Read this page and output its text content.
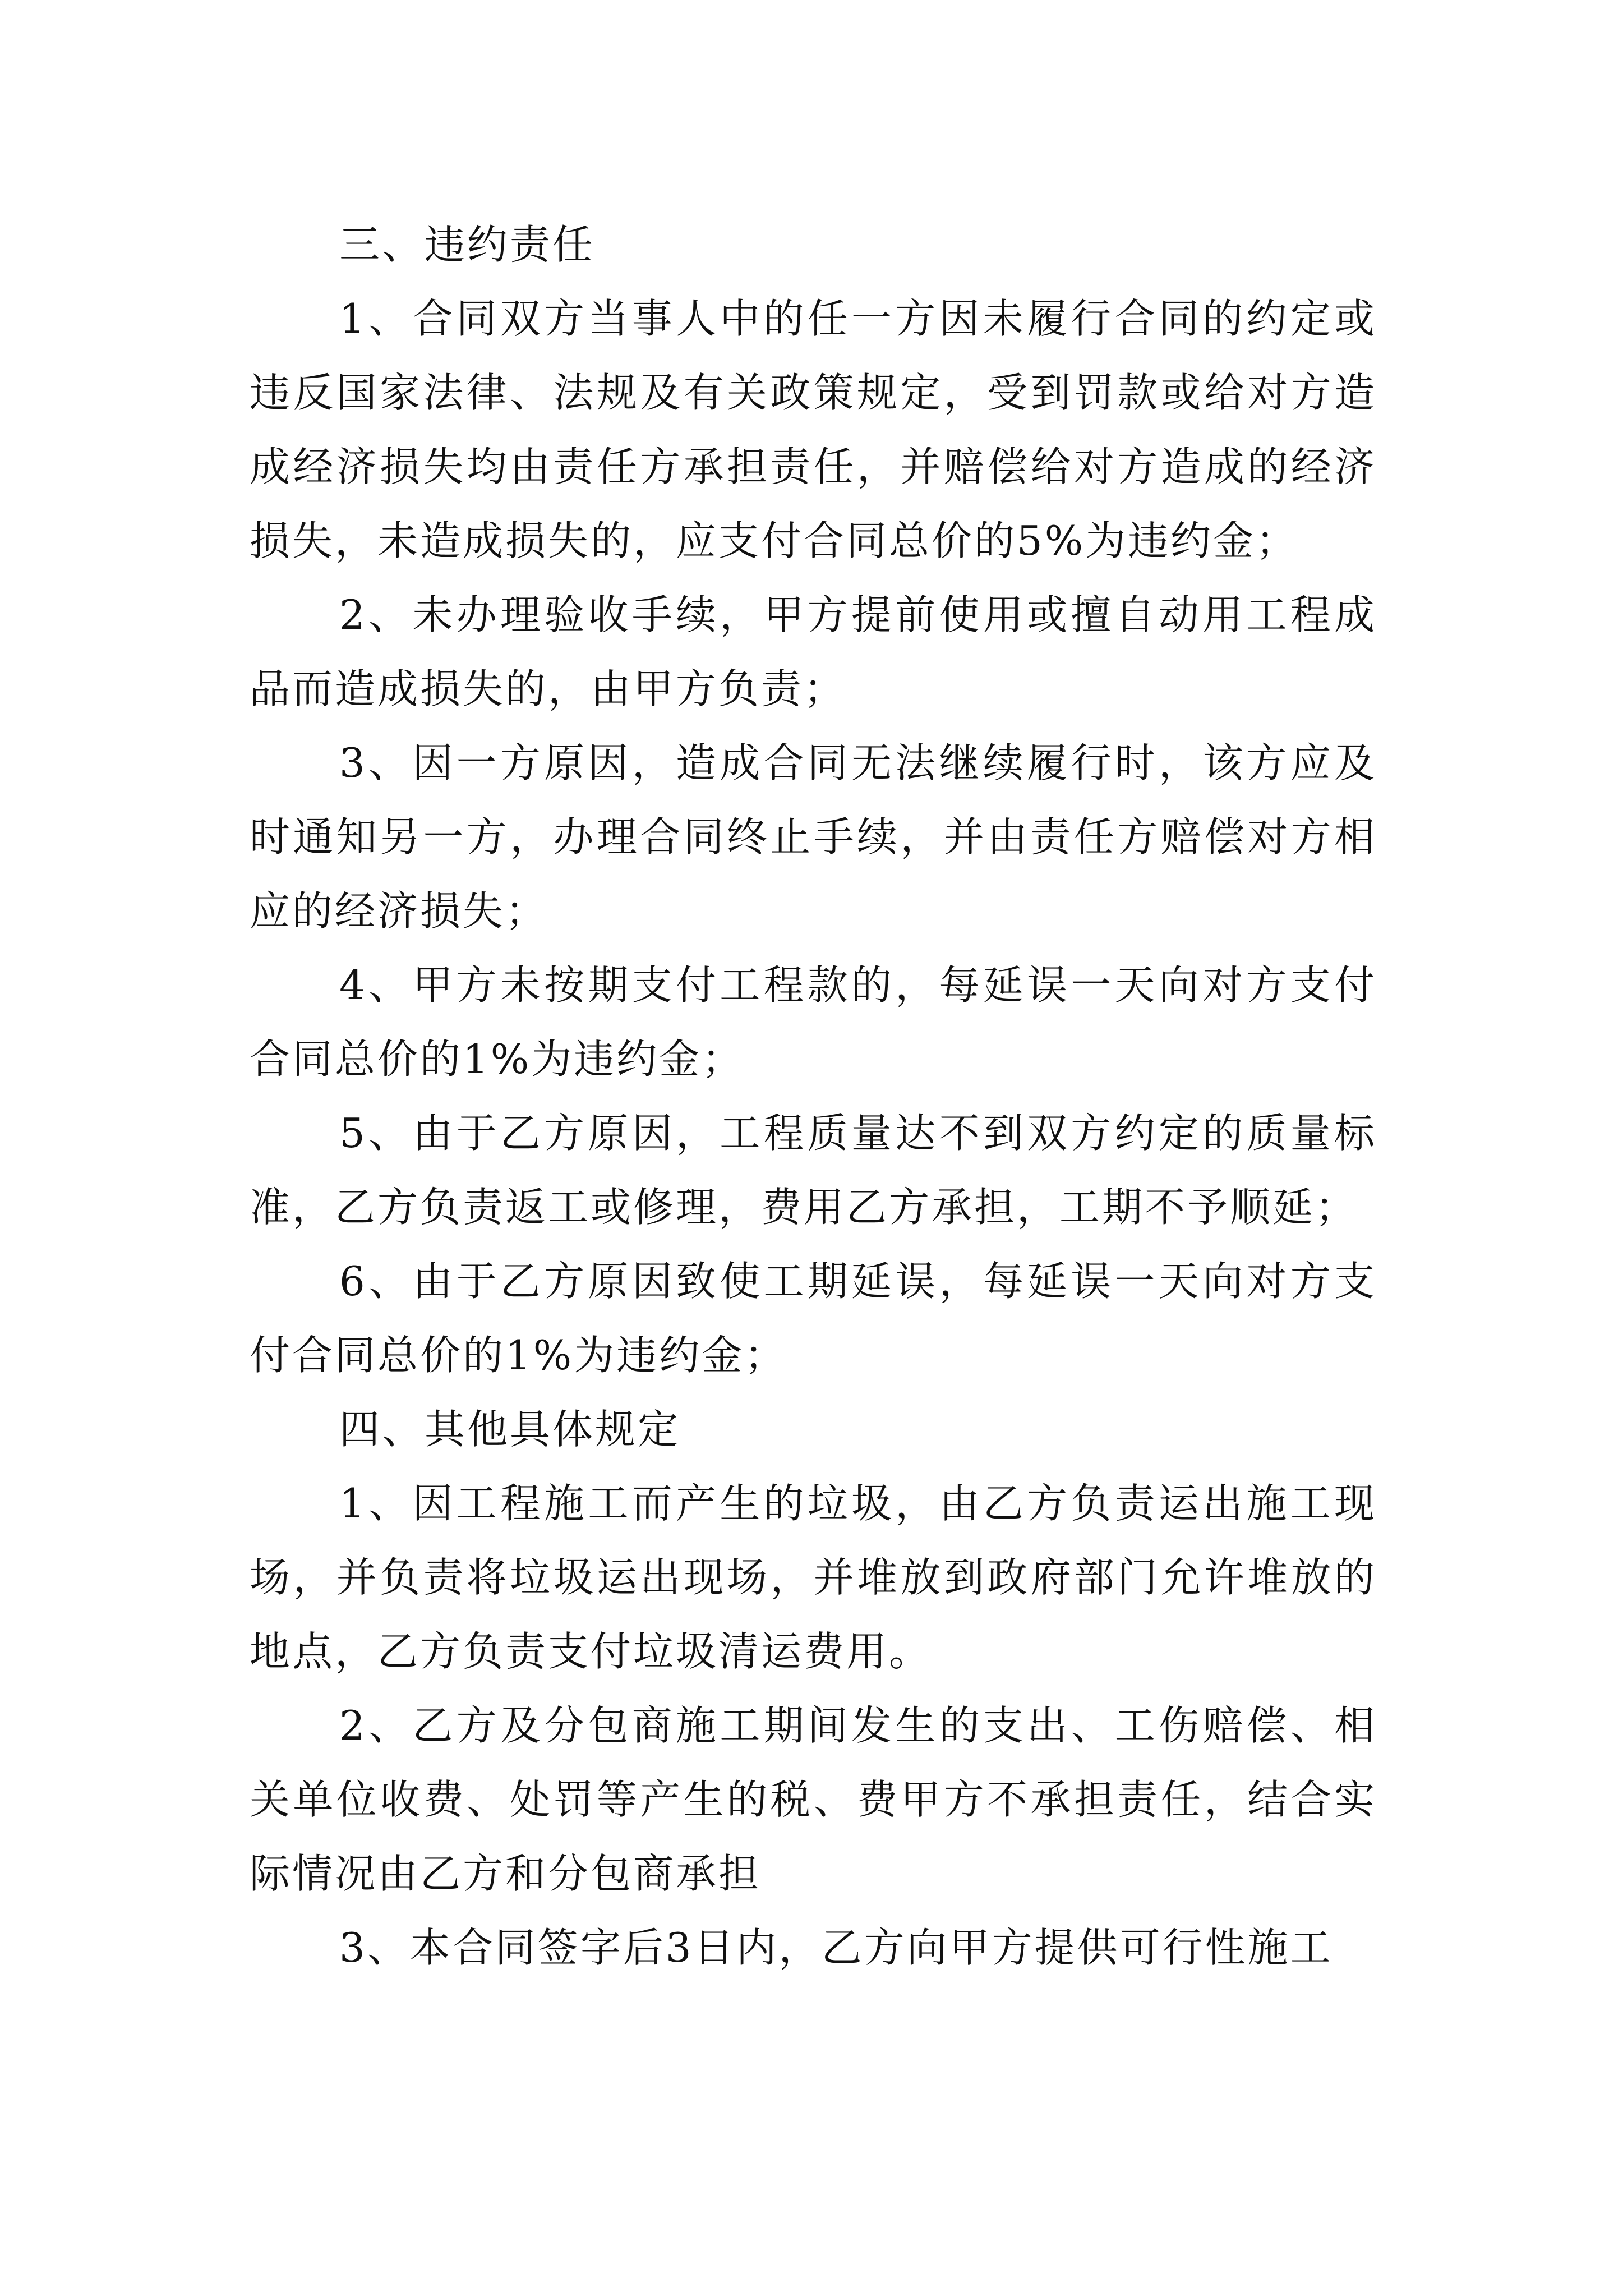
三、违约责任

1、合同双方当事人中的任一方因未履行合同的约定或违反国家法律、法规及有关政策规定，受到罚款或给对方造成经济损失均由责任方承担责任，并赔偿给对方造成的经济损失，未造成损失的，应支付合同总价的5%为违约金；

2、未办理验收手续，甲方提前使用或擅自动用工程成品而造成损失的，由甲方负责；

3、因一方原因，造成合同无法继续履行时，该方应及时通知另一方，办理合同终止手续，并由责任方赔偿对方相应的经济损失；

4、甲方未按期支付工程款的，每延误一天向对方支付合同总价的1%为违约金；

5、由于乙方原因，工程质量达不到双方约定的质量标准，乙方负责返工或修理，费用乙方承担，工期不予顺延；

6、由于乙方原因致使工期延误，每延误一天向对方支付合同总价的1%为违约金；

四、其他具体规定

1、因工程施工而产生的垃圾，由乙方负责运出施工现场，并负责将垃圾运出现场，并堆放到政府部门允许堆放的地点，乙方负责支付垃圾清运费用。

2、乙方及分包商施工期间发生的支出、工伤赔偿、相关单位收费、处罚等产生的税、费甲方不承担责任，结合实际情况由乙方和分包商承担

3、本合同签字后3日内，乙方向甲方提供可行性施工
